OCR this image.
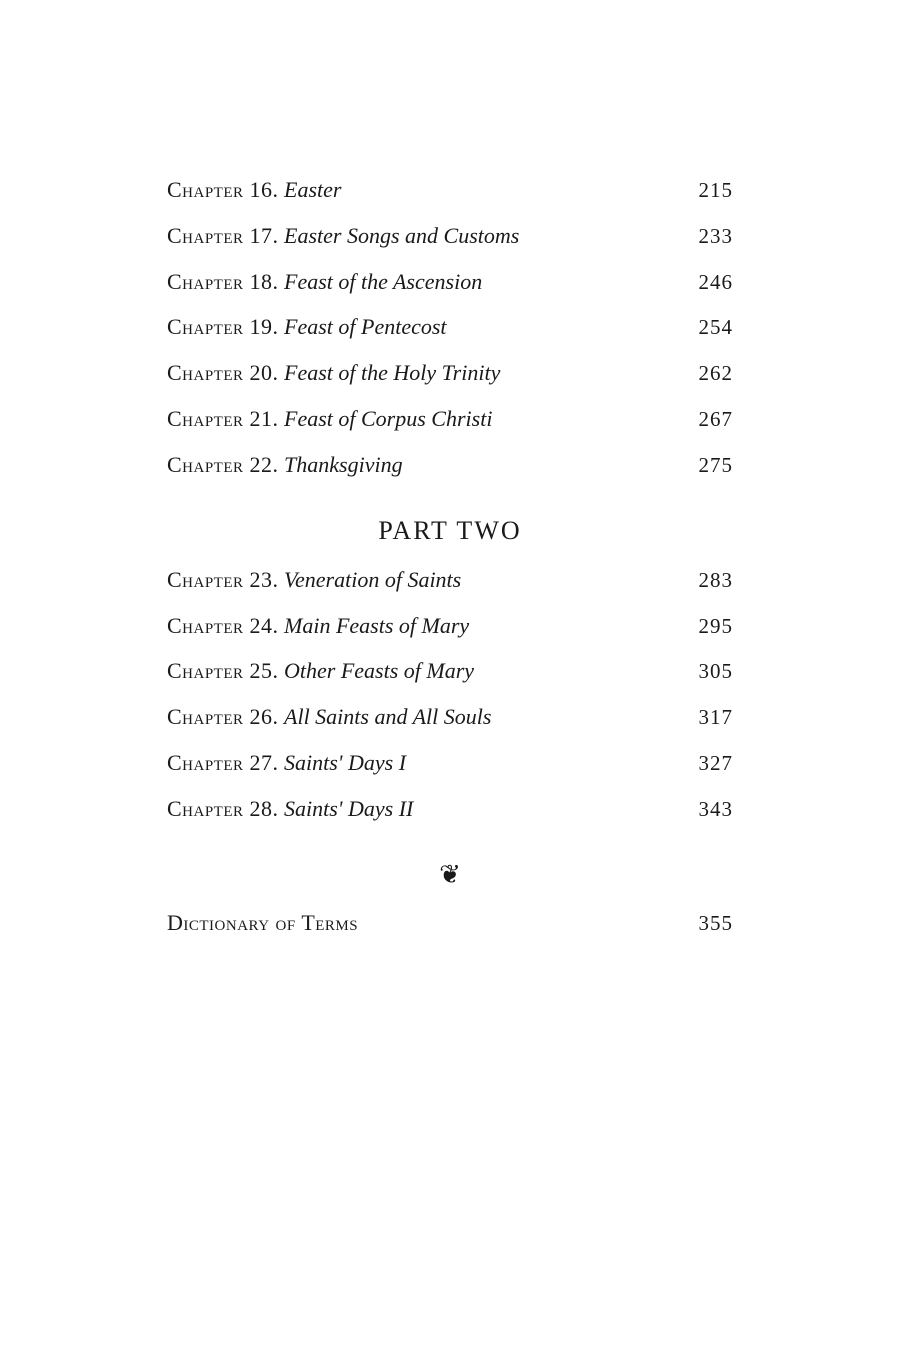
Chapter 16. Easter	215
Chapter 17. Easter Songs and Customs	233
Chapter 18. Feast of the Ascension	246
Chapter 19. Feast of Pentecost	254
Chapter 20. Feast of the Holy Trinity	262
Chapter 21. Feast of Corpus Christi	267
Chapter 22. Thanksgiving	275
PART TWO
Chapter 23. Veneration of Saints	283
Chapter 24. Main Feasts of Mary	295
Chapter 25. Other Feasts of Mary	305
Chapter 26. All Saints and All Souls	317
Chapter 27. Saints' Days I	327
Chapter 28. Saints' Days II	343
❦
Dictionary of Terms	355
